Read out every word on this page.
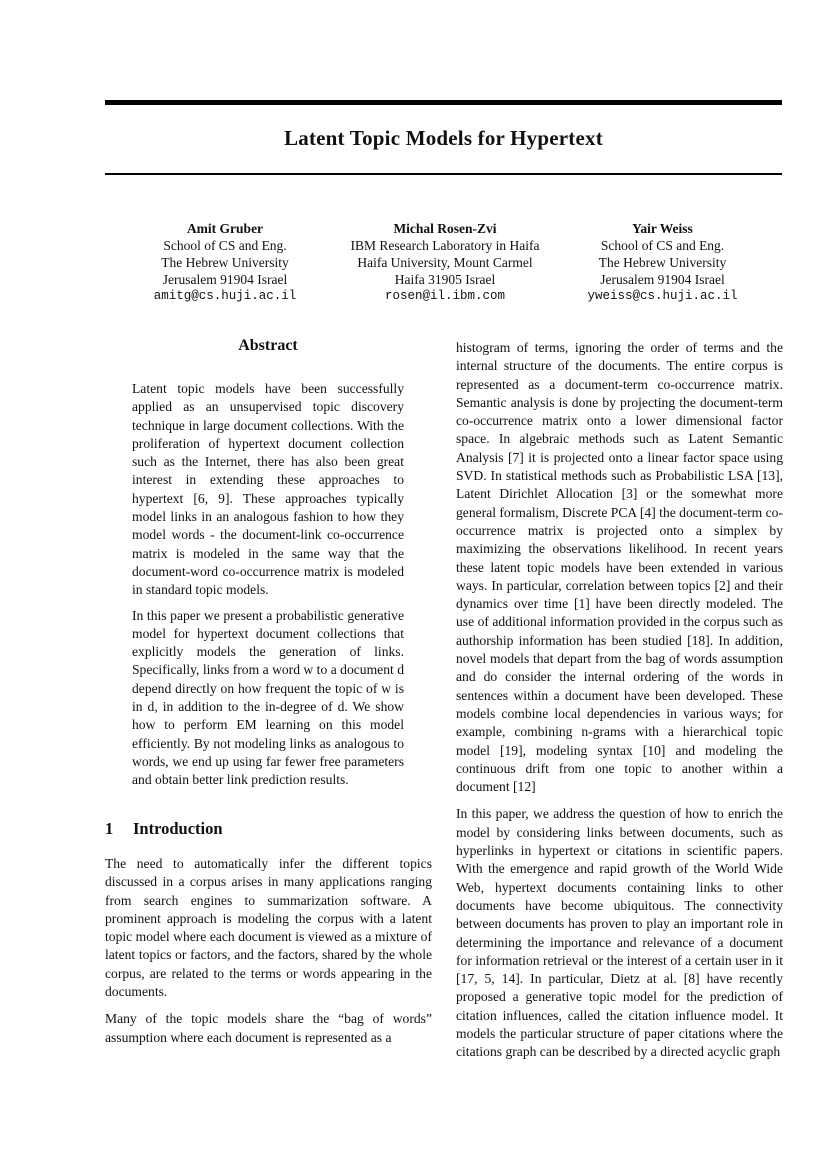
Latent Topic Models for Hypertext
Amit Gruber
School of CS and Eng.
The Hebrew University
Jerusalem 91904 Israel
amitg@cs.huji.ac.il
Michal Rosen-Zvi
IBM Research Laboratory in Haifa
Haifa University, Mount Carmel
Haifa 31905 Israel
rosen@il.ibm.com
Yair Weiss
School of CS and Eng.
The Hebrew University
Jerusalem 91904 Israel
yweiss@cs.huji.ac.il
Abstract

Latent topic models have been successfully applied as an unsupervised topic discovery technique in large document collections. With the proliferation of hypertext document collection such as the Internet, there has also been great interest in extending these approaches to hypertext [6, 9]. These approaches typically model links in an analogous fashion to how they model words - the document-link co-occurrence matrix is modeled in the same way that the document-word co-occurrence matrix is modeled in standard topic models.

In this paper we present a probabilistic generative model for hypertext document collections that explicitly models the generation of links. Specifically, links from a word w to a document d depend directly on how frequent the topic of w is in d, in addition to the in-degree of d. We show how to perform EM learning on this model efficiently. By not modeling links as analogous to words, we end up using far fewer free parameters and obtain better link prediction results.

1 Introduction

The need to automatically infer the different topics discussed in a corpus arises in many applications ranging from search engines to summarization software. A prominent approach is modeling the corpus with a latent topic model where each document is viewed as a mixture of latent topics or factors, and the factors, shared by the whole corpus, are related to the terms or words appearing in the documents.

Many of the topic models share the “bag of words” assumption where each document is represented as a

histogram of terms, ignoring the order of terms and the internal structure of the documents. The entire corpus is represented as a document-term co-occurrence matrix. Semantic analysis is done by projecting the document-term co-occurrence matrix onto a lower dimensional factor space. In algebraic methods such as Latent Semantic Analysis [7] it is projected onto a linear factor space using SVD. In statistical methods such as Probabilistic LSA [13], Latent Dirichlet Allocation [3] or the somewhat more general formalism, Discrete PCA [4] the document-term co-occurrence matrix is projected onto a simplex by maximizing the observations likelihood. In recent years these latent topic models have been extended in various ways. In particular, correlation between topics [2] and their dynamics over time [1] have been directly modeled. The use of additional information provided in the corpus such as authorship information has been studied [18]. In addition, novel models that depart from the bag of words assumption and do consider the internal ordering of the words in sentences within a document have been developed. These models combine local dependencies in various ways; for example, combining n-grams with a hierarchical topic model [19], modeling syntax [10] and modeling the continuous drift from one topic to another within a document [12]

In this paper, we address the question of how to enrich the model by considering links between documents, such as hyperlinks in hypertext or citations in scientific papers. With the emergence and rapid growth of the World Wide Web, hypertext documents containing links to other documents have become ubiquitous. The connectivity between documents has proven to play an important role in determining the importance and relevance of a document for information retrieval or the interest of a certain user in it [17, 5, 14]. In particular, Dietz at al. [8] have recently proposed a generative topic model for the prediction of citation influences, called the citation influence model. It models the particular structure of paper citations where the citations graph can be described by a directed acyclic graph
